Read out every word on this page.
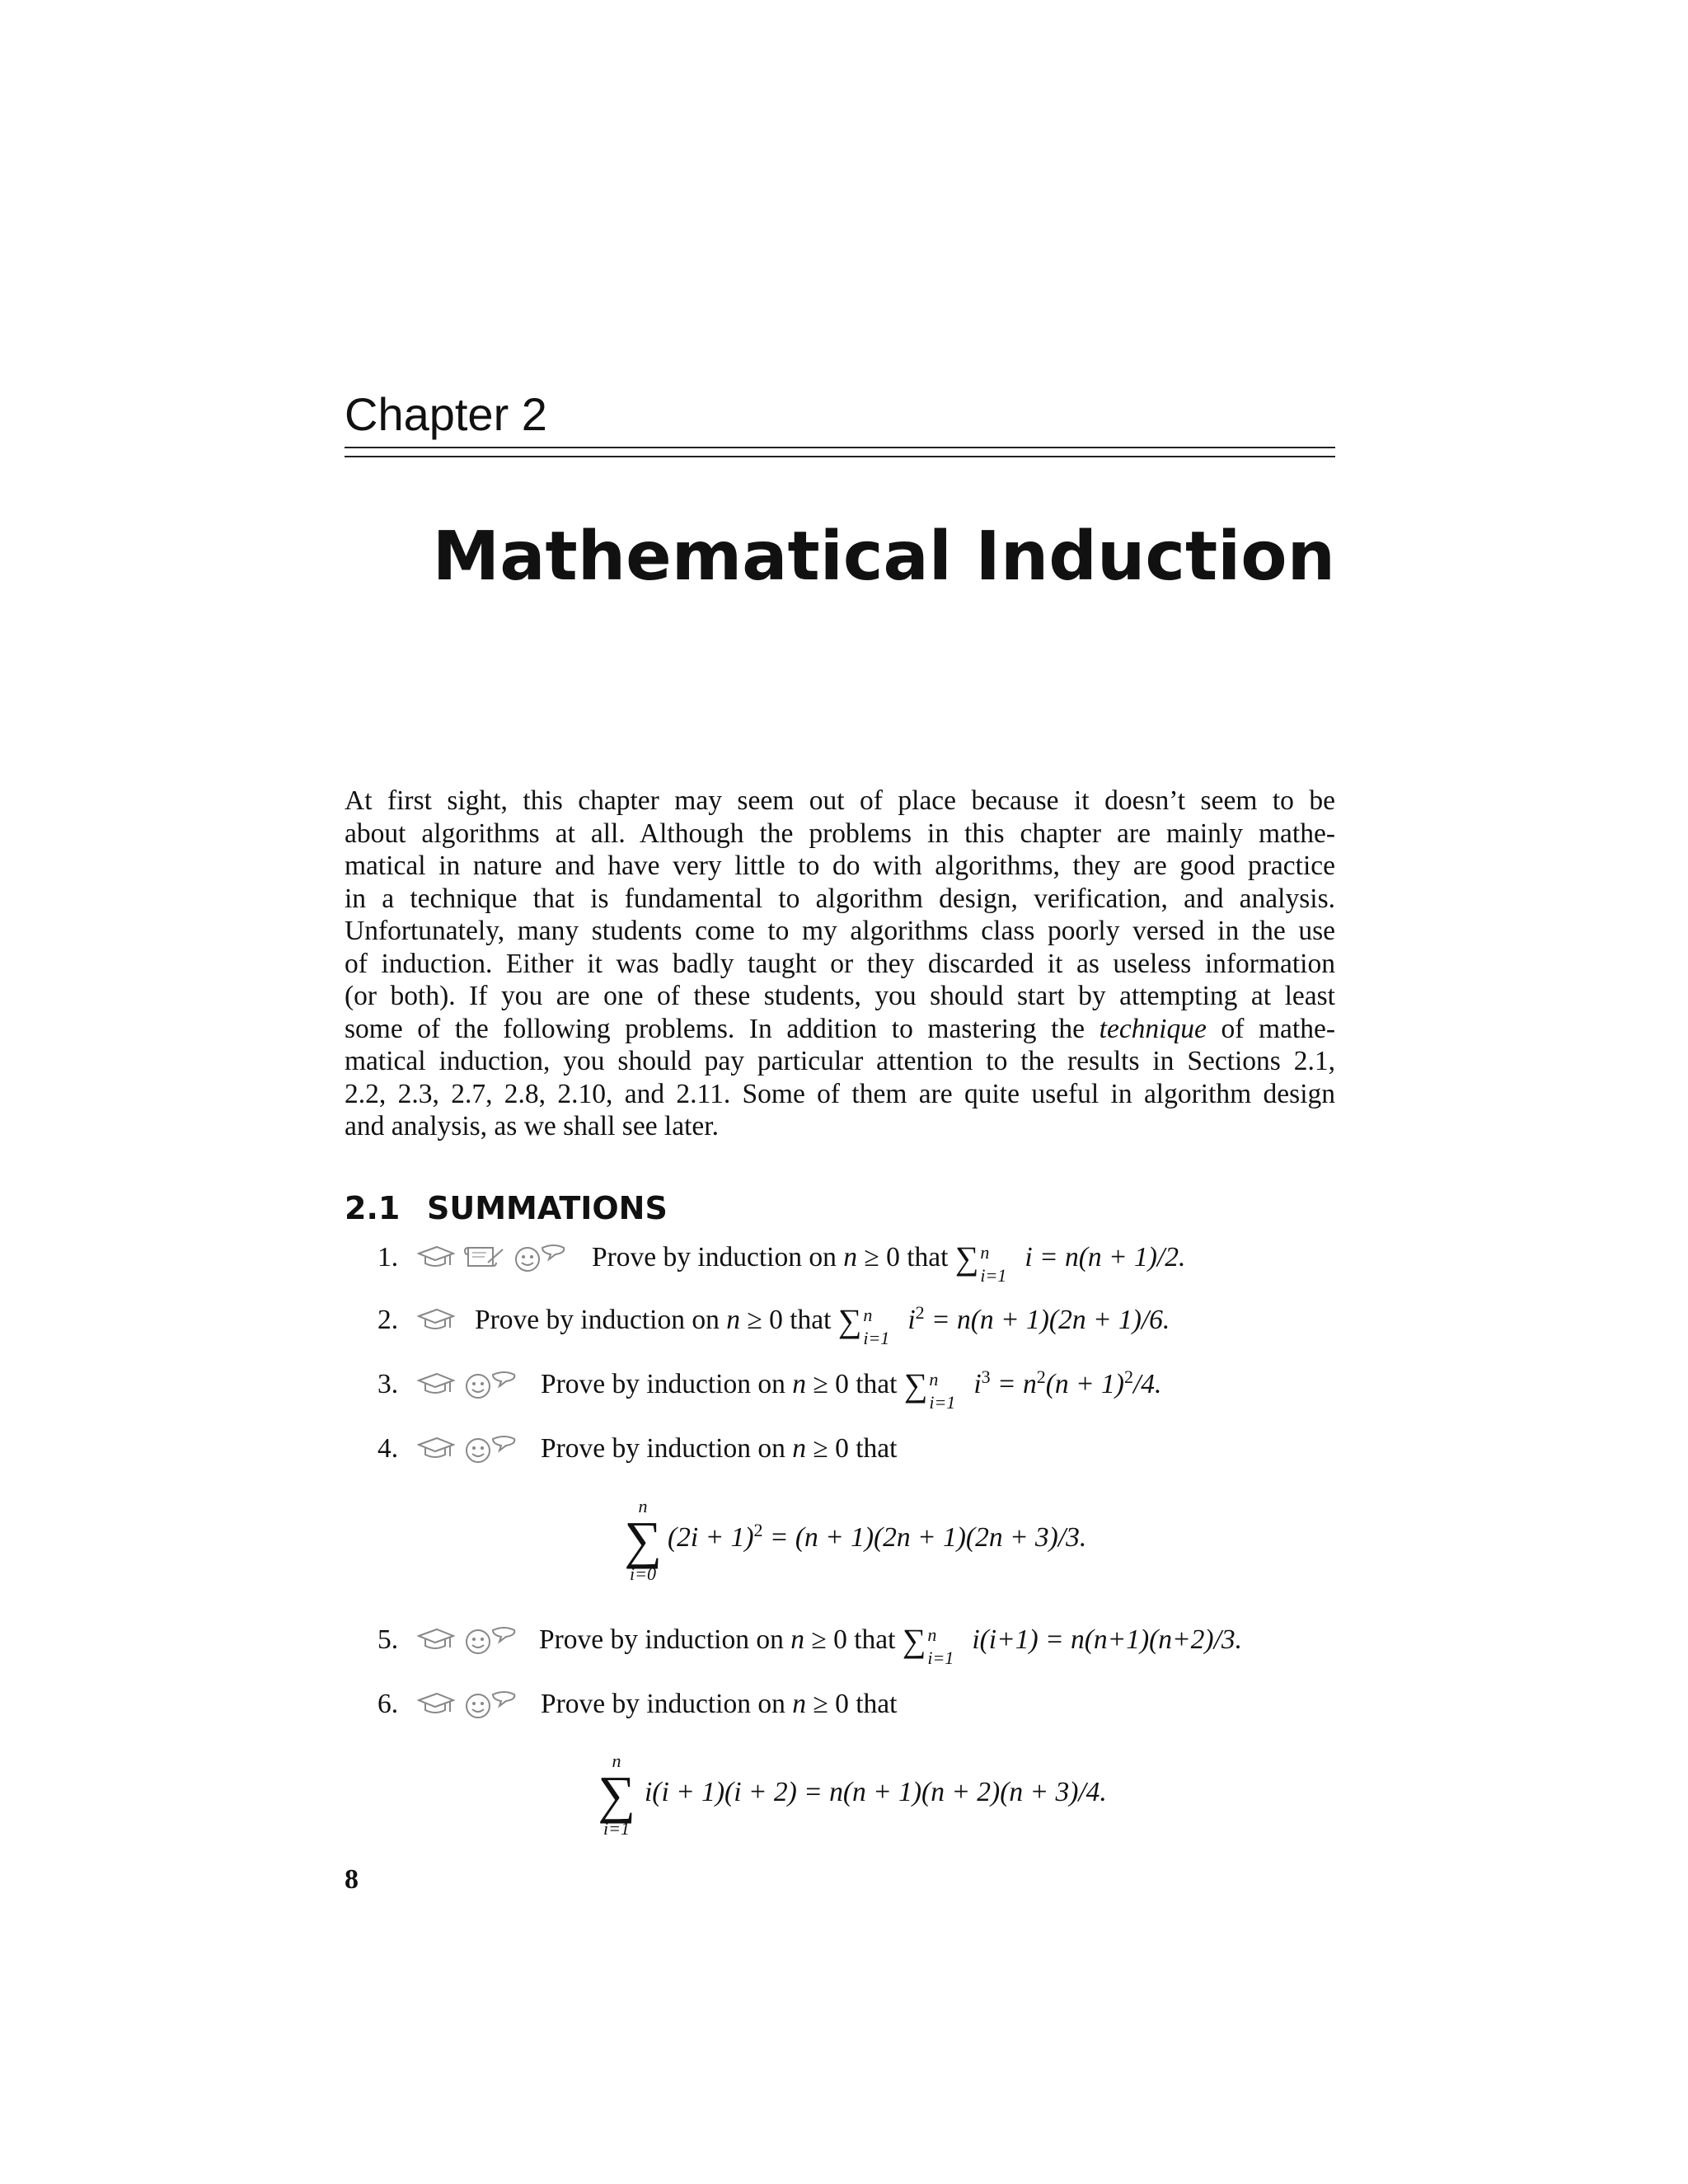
Chapter 2
Mathematical Induction
At first sight, this chapter may seem out of place because it doesn’t seem to be
about algorithms at all. Although the problems in this chapter are mainly mathe-
matical in nature and have very little to do with algorithms, they are good practice
in a technique that is fundamental to algorithm design, verification, and analysis.
Unfortunately, many students come to my algorithms class poorly versed in the use
of induction. Either it was badly taught or they discarded it as useless information
(or both). If you are one of these students, you should start by attempting at least
some of the following problems. In addition to mastering the technique of mathe-
matical induction, you should pay particular attention to the results in Sections 2.1,
2.2, 2.3, 2.7, 2.8, 2.10, and 2.11. Some of them are quite useful in algorithm design
and analysis, as we shall see later.
2.1 SUMMATIONS
1.	Prove by induction on n ≥ 0 that ∑ n
i=1
i = n(n + 1)/2.
2.	Prove by induction on n ≥ 0 that ∑ n
i=1
$i^2 = n(n + 1)(2n + 1)/6$.
3.	Prove by induction on n ≥ 0 that ∑ n
i=1
$i^3 = n^2(n + 1)^2/4$.
4.	Prove by induction on n ≥ 0 that
n
∑
i=0
$(2i + 1)^2 = (n + 1)(2n + 1)(2n + 3)/3$.
5.	Prove by induction on n ≥ 0 that ∑ n
i=1
i(i+1) = n(n+1)(n+2)/3.
6.	Prove by induction on n ≥ 0 that
n
∑
i=1
i(i + 1)(i + 2) = n(n + 1)(n + 2)(n + 3)/4.
8
